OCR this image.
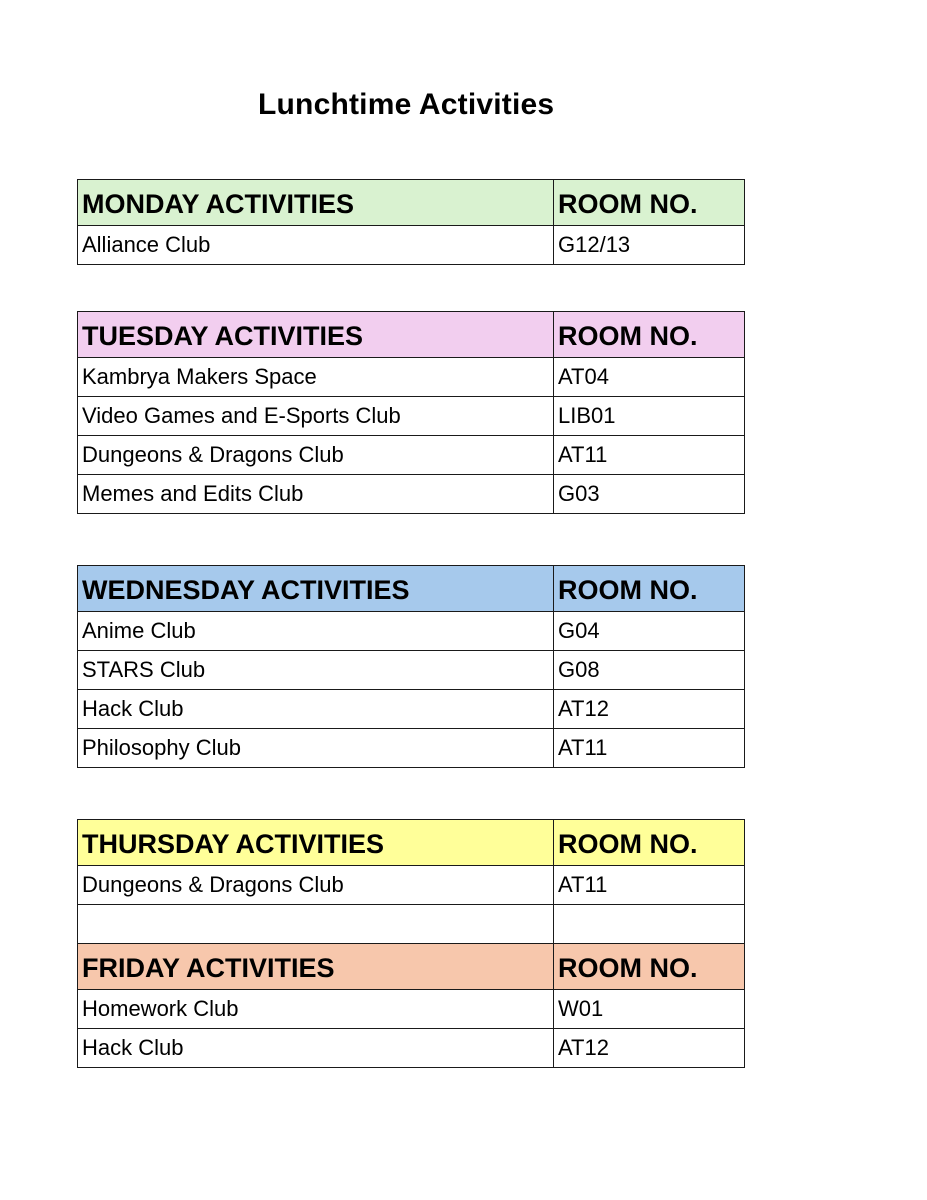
Lunchtime Activities
MONDAY ACTIVITIES	ROOM NO.
Alliance Club	G12/13
TUESDAY ACTIVITIES	ROOM NO.
Kambrya Makers Space	AT04
Video Games and E-Sports Club	LIB01
Dungeons & Dragons Club	AT11
Memes and Edits Club	G03
WEDNESDAY ACTIVITIES	ROOM NO.
Anime Club	G04
STARS Club	G08
Hack Club	AT12
Philosophy Club	AT11
THURSDAY ACTIVITIES	ROOM NO.
Dungeons & Dragons Club	AT11

FRIDAY ACTIVITIES	ROOM NO.
Homework Club	W01
Hack Club	AT12
